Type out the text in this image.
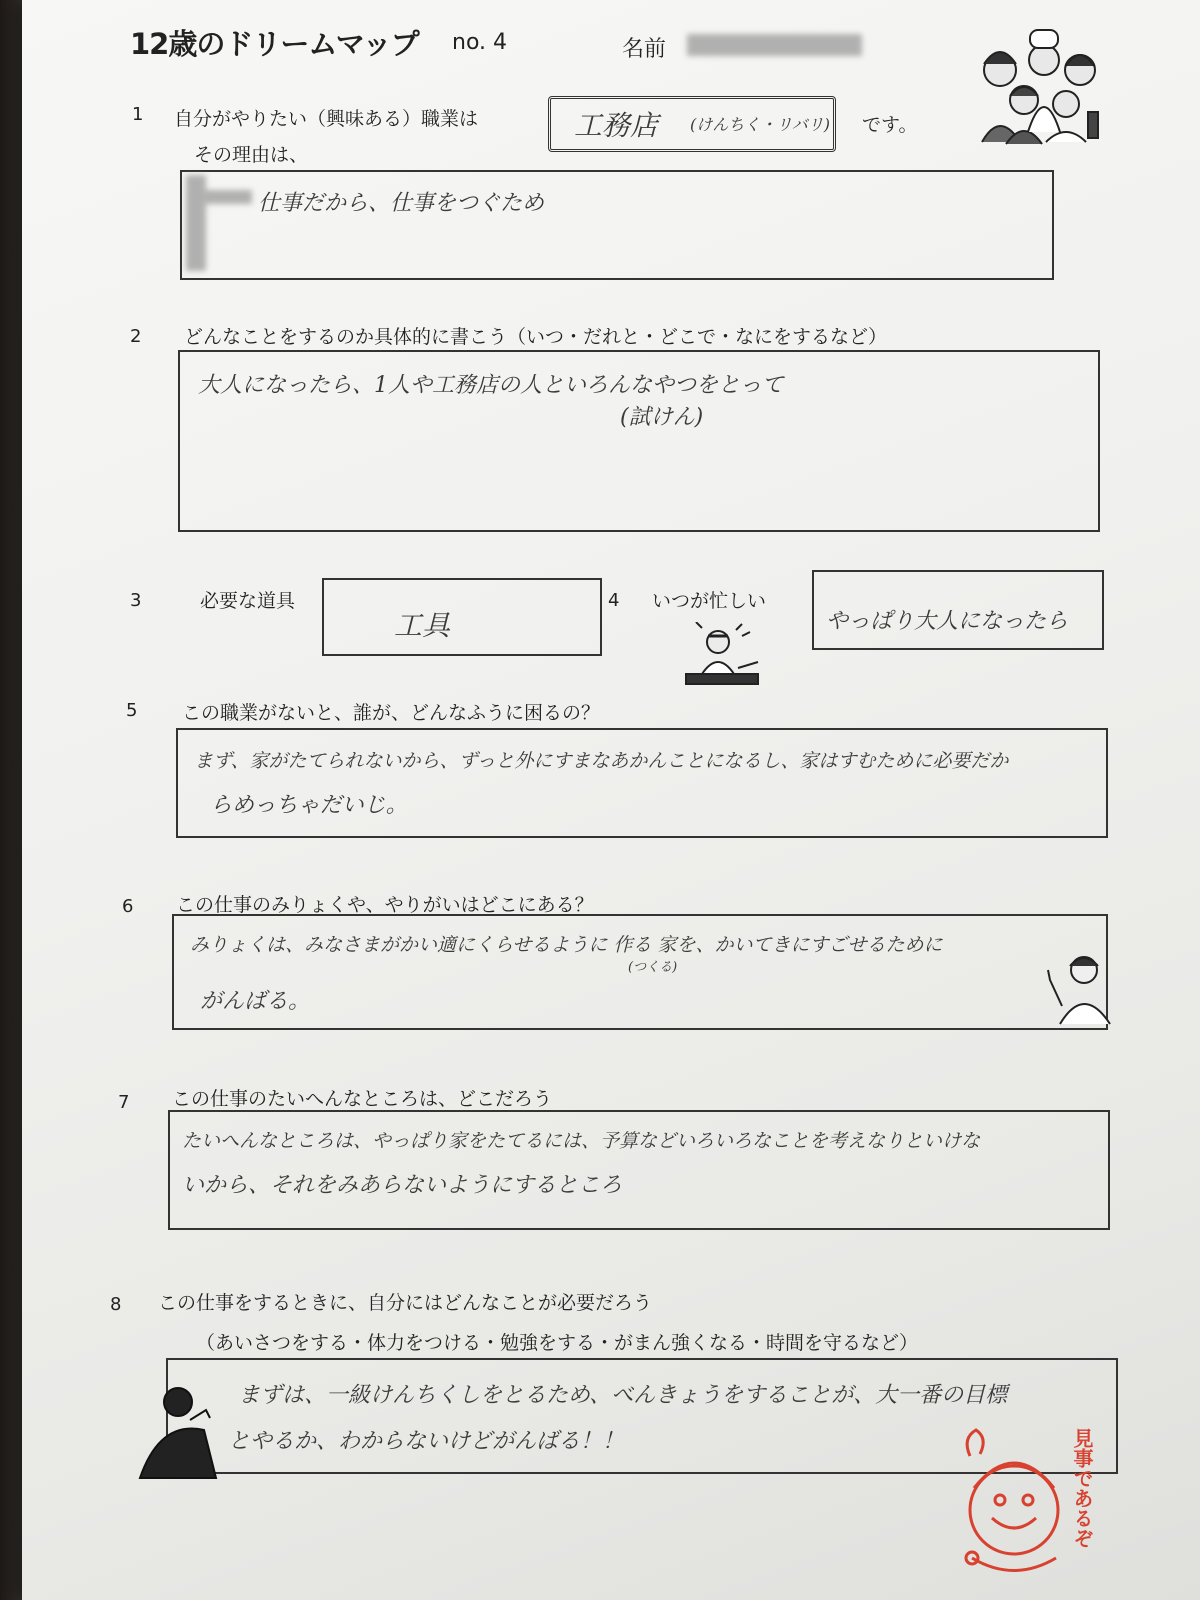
12歳のドリームマップ no. 4	名前
1 自分がやりたい（興味ある）職業は	工務店 (けんちく・リバリ) です。
その理由は、
仕事だから、仕事をつぐため
2 どんなことをするのか具体的に書こう（いつ・だれと・どこで・なにをするなど）
大人になったら、1人や工務店の人といろんなやつをとって
(試けん)
3	必要な道具
工具
4 いつが忙しい
やっぱり大人になったら
5 この職業がないと、誰が、どんなふうに困るの？
まず、家がたてられないから、ずっと外にすまなあかんことになるし、家はすむために必要だか
らめっちゃだいじ。
6 この仕事のみりょくや、やりがいはどこにある？
みりょくは、みなさまがかい適にくらせるように 作る 家を、かいてきにすごせるために
(つくる)
がんばる。
7 この仕事のたいへんなところは、どこだろう
たいへんなところは、やっぱり家をたてるには、予算などいろいろなことを考えなりといけな
いから、それをみあらないようにするところ
8 この仕事をするときに、自分にはどんなことが必要だろう
（あいさつをする・体力をつける・勉強をする・がまん強くなる・時間を守るなど）
まずは、一級けんちくしをとるため、べんきょうをすることが、大一番の目標
とやるか、わからないけどがんばる！！	見事であるぞ
